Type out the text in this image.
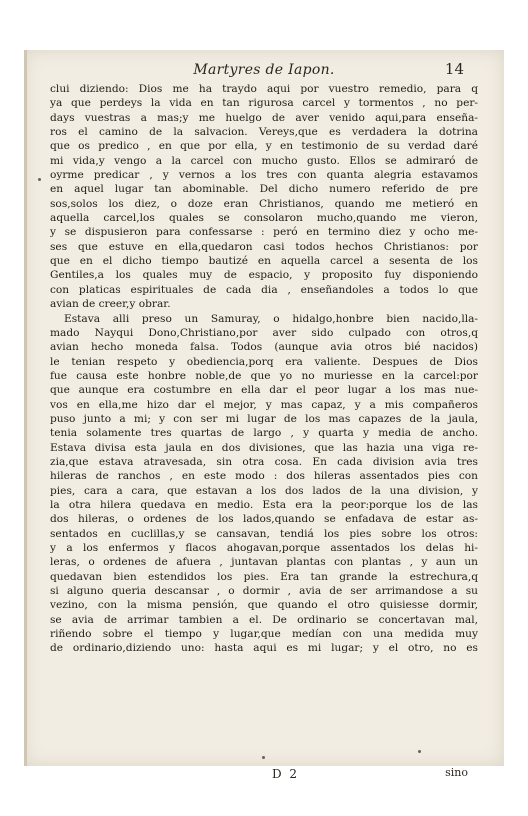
Martyres de Iapon.	14
clui diziendo: Dios me ha traydo aqui por vuestro remedio, para q
ya que perdeys la vida en tan rigurosa carcel y tormentos , no per-
days vuestras a mas;y me huelgo de aver venido aqui,para enseña-
ros el camino de la salvacion. Vereys,que es verdadera la dotrina
que os predico , en que por ella, y en testimonio de su verdad daré
mi vida,y vengo a la carcel con mucho gusto. Ellos se admiraró de
oyrme predicar , y vernos a los tres con quanta alegria estavamos
en aquel lugar tan abominable. Del dicho numero referido de pre
sos,solos los diez, o doze eran Christianos, quando me metieró en
aquella carcel,los quales se consolaron mucho,quando me vieron,
y se dispusieron para confessarse : peró en termino diez y ocho me-
ses que estuve en ella,quedaron casi todos hechos Christianos: por
que en el dicho tiempo bautizé en aquella carcel a sesenta de los
Gentiles,a los quales muy de espacio, y proposito fuy disponiendo
con platicas espirituales de cada dia , enseñandoles a todos lo que
avian de creer,y obrar.
Estava alli preso un Samuray, o hidalgo,honbre bien nacido,lla-
mado Nayqui Dono,Christiano,por aver sido culpado con otros,q
avian hecho moneda falsa. Todos (aunque avia otros bié nacidos)
le tenian respeto y obediencia,porq era valiente. Despues de Dios
fue causa este honbre noble,de que yo no muriesse en la carcel:por
que aunque era costumbre en ella dar el peor lugar a los mas nue-
vos en ella,me hizo dar el mejor, y mas capaz, y a mis compañeros
puso junto a mi; y con ser mi lugar de los mas capazes de la jaula,
tenia solamente tres quartas de largo , y quarta y media de ancho.
Estava divisa esta jaula en dos divisiones, que las hazia una viga re-
zia,que estava atravesada, sin otra cosa. En cada division avia tres
hileras de ranchos , en este modo : dos hileras assentados pies con
pies, cara a cara, que estavan a los dos lados de la una division, y
la otra hilera quedava en medio. Esta era la peor:porque los de las
dos hileras, o ordenes de los lados,quando se enfadava de estar as-
sentados en cuclillas,y se cansavan, tendiá los pies sobre los otros:
y a los enfermos y flacos ahogavan,porque assentados los delas hi-
leras, o ordenes de afuera , juntavan plantas con plantas , y aun un
quedavan bien estendidos los pies. Era tan grande la estrechura,q
si alguno queria descansar , o dormir , avia de ser arrimandose a su
vezino, con la misma pensión, que quando el otro quisiesse dormir,
se avia de arrimar tambien a el. De ordinario se concertavan mal,
riñendo sobre el tiempo y lugar,que medían con una medida muy
de ordinario,diziendo uno: hasta aqui es mi lugar; y el otro, no es
D 2	sino
